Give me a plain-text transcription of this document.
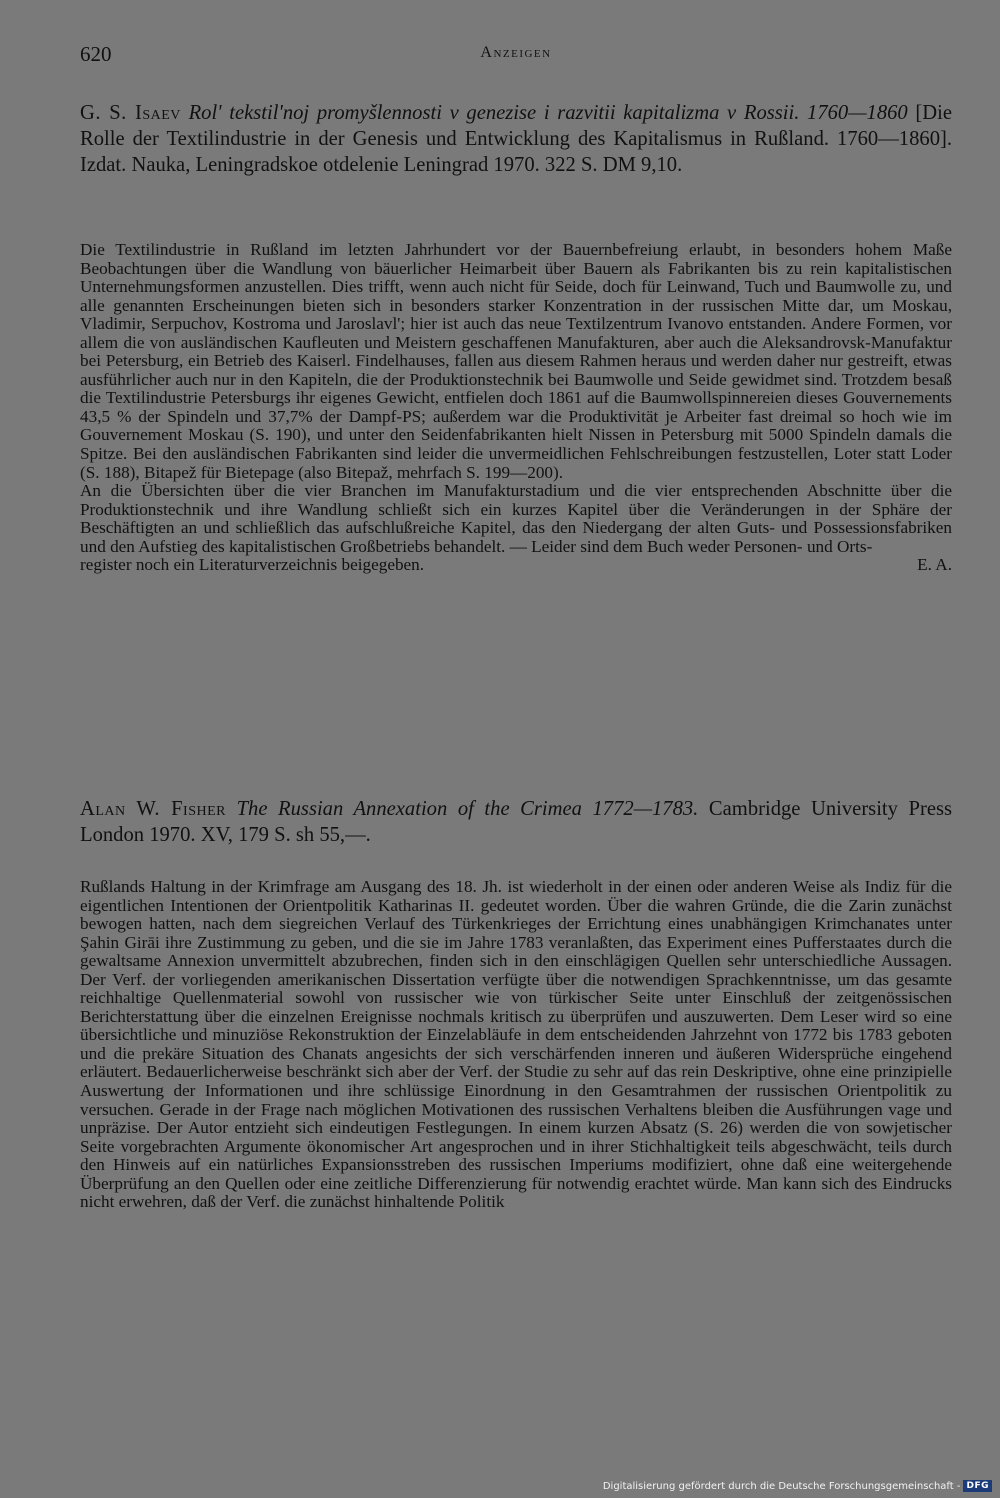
620	Anzeigen

G. S. Isaev Rol' tekstil'noj promyšlennosti v genezise i razvitii kapitalizma v Rossii. 1760—1860 [Die Rolle der Textilindustrie in der Genesis und Entwicklung des Kapitalismus in Rußland. 1760—1860]. Izdat. Nauka, Leningradskoe otdelenie Leningrad 1970. 322 S. DM 9,10.

Die Textilindustrie in Rußland im letzten Jahrhundert vor der Bauernbefreiung erlaubt, in besonders hohem Maße Beobachtungen über die Wandlung von bäuerlicher Heimarbeit über Bauern als Fabrikanten bis zu rein kapitalistischen Unternehmungsformen anzustellen. Dies trifft, wenn auch nicht für Seide, doch für Leinwand, Tuch und Baumwolle zu, und alle genannten Erscheinungen bieten sich in besonders starker Konzentration in der russischen Mitte dar, um Moskau, Vladimir, Serpuchov, Kostroma und Jaroslavl'; hier ist auch das neue Textilzentrum Ivanovo entstanden. Andere Formen, vor allem die von ausländischen Kaufleuten und Meistern geschaffenen Manufakturen, aber auch die Aleksandrovsk-Manufaktur bei Petersburg, ein Betrieb des Kaiserl. Findelhauses, fallen aus diesem Rahmen heraus und werden daher nur gestreift, etwas ausführlicher auch nur in den Kapiteln, die der Produktionstechnik bei Baumwolle und Seide gewidmet sind. Trotzdem besaß die Textilindustrie Petersburgs ihr eigenes Gewicht, entfielen doch 1861 auf die Baumwollspinnereien dieses Gouvernements 43,5 % der Spindeln und 37,7% der Dampf-PS; außerdem war die Produktivität je Arbeiter fast dreimal so hoch wie im Gouvernement Moskau (S. 190), und unter den Seidenfabrikanten hielt Nissen in Petersburg mit 5000 Spindeln damals die Spitze. Bei den ausländischen Fabrikanten sind leider die unvermeidlichen Fehlschreibungen festzustellen, Loter statt Loder (S. 188), Bitapež für Bietepage (also Bitepaž, mehrfach S. 199—200).

An die Übersichten über die vier Branchen im Manufakturstadium und die vier entsprechenden Abschnitte über die Produktionstechnik und ihre Wandlung schließt sich ein kurzes Kapitel über die Veränderungen in der Sphäre der Beschäftigten an und schließlich das aufschlußreiche Kapitel, das den Niedergang der alten Guts- und Possessionsfabriken und den Aufstieg des kapitalistischen Großbetriebs behandelt. — Leider sind dem Buch weder Personen- und Orts-

register noch ein Literaturverzeichnis beigegeben.	E. A.

Alan W. Fisher The Russian Annexation of the Crimea 1772—1783. Cambridge University Press London 1970. XV, 179 S. sh 55,—.

Rußlands Haltung in der Krimfrage am Ausgang des 18. Jh. ist wiederholt in der einen oder anderen Weise als Indiz für die eigentlichen Intentionen der Orientpolitik Katharinas II. gedeutet worden. Über die wahren Gründe, die die Zarin zunächst bewogen hatten, nach dem siegreichen Verlauf des Türkenkrieges der Errichtung eines unabhängigen Krimchanates unter Şahin Girāi ihre Zustimmung zu geben, und die sie im Jahre 1783 veranlaßten, das Experiment eines Pufferstaates durch die gewaltsame Annexion unvermittelt abzubrechen, finden sich in den einschlägigen Quellen sehr unterschiedliche Aussagen. Der Verf. der vorliegenden amerikanischen Dissertation verfügte über die notwendigen Sprachkenntnisse, um das gesamte reichhaltige Quellenmaterial sowohl von russischer wie von türkischer Seite unter Einschluß der zeitgenössischen Berichterstattung über die einzelnen Ereignisse nochmals kritisch zu überprüfen und auszuwerten. Dem Leser wird so eine übersichtliche und minuziöse Rekonstruktion der Einzelabläufe in dem entscheidenden Jahrzehnt von 1772 bis 1783 geboten und die prekäre Situation des Chanats angesichts der sich verschärfenden inneren und äußeren Widersprüche eingehend erläutert. Bedauerlicherweise beschränkt sich aber der Verf. der Studie zu sehr auf das rein Deskriptive, ohne eine prinzipielle Auswertung der Informationen und ihre schlüssige Einordnung in den Gesamtrahmen der russischen Orientpolitik zu versuchen. Gerade in der Frage nach möglichen Motivationen des russischen Verhaltens bleiben die Ausführungen vage und unpräzise. Der Autor entzieht sich eindeutigen Festlegungen. In einem kurzen Absatz (S. 26) werden die von sowjetischer Seite vorgebrachten Argumente ökonomischer Art angesprochen und in ihrer Stichhaltigkeit teils abgeschwächt, teils durch den Hinweis auf ein natürliches Expansionsstreben des russischen Imperiums modifiziert, ohne daß eine weitergehende Überprüfung an den Quellen oder eine zeitliche Differenzierung für notwendig erachtet würde. Man kann sich des Eindrucks nicht erwehren, daß der Verf. die zunächst hinhaltende Politik

Digitalisierung gefördert durch die Deutsche Forschungsgemeinschaft - DFG
